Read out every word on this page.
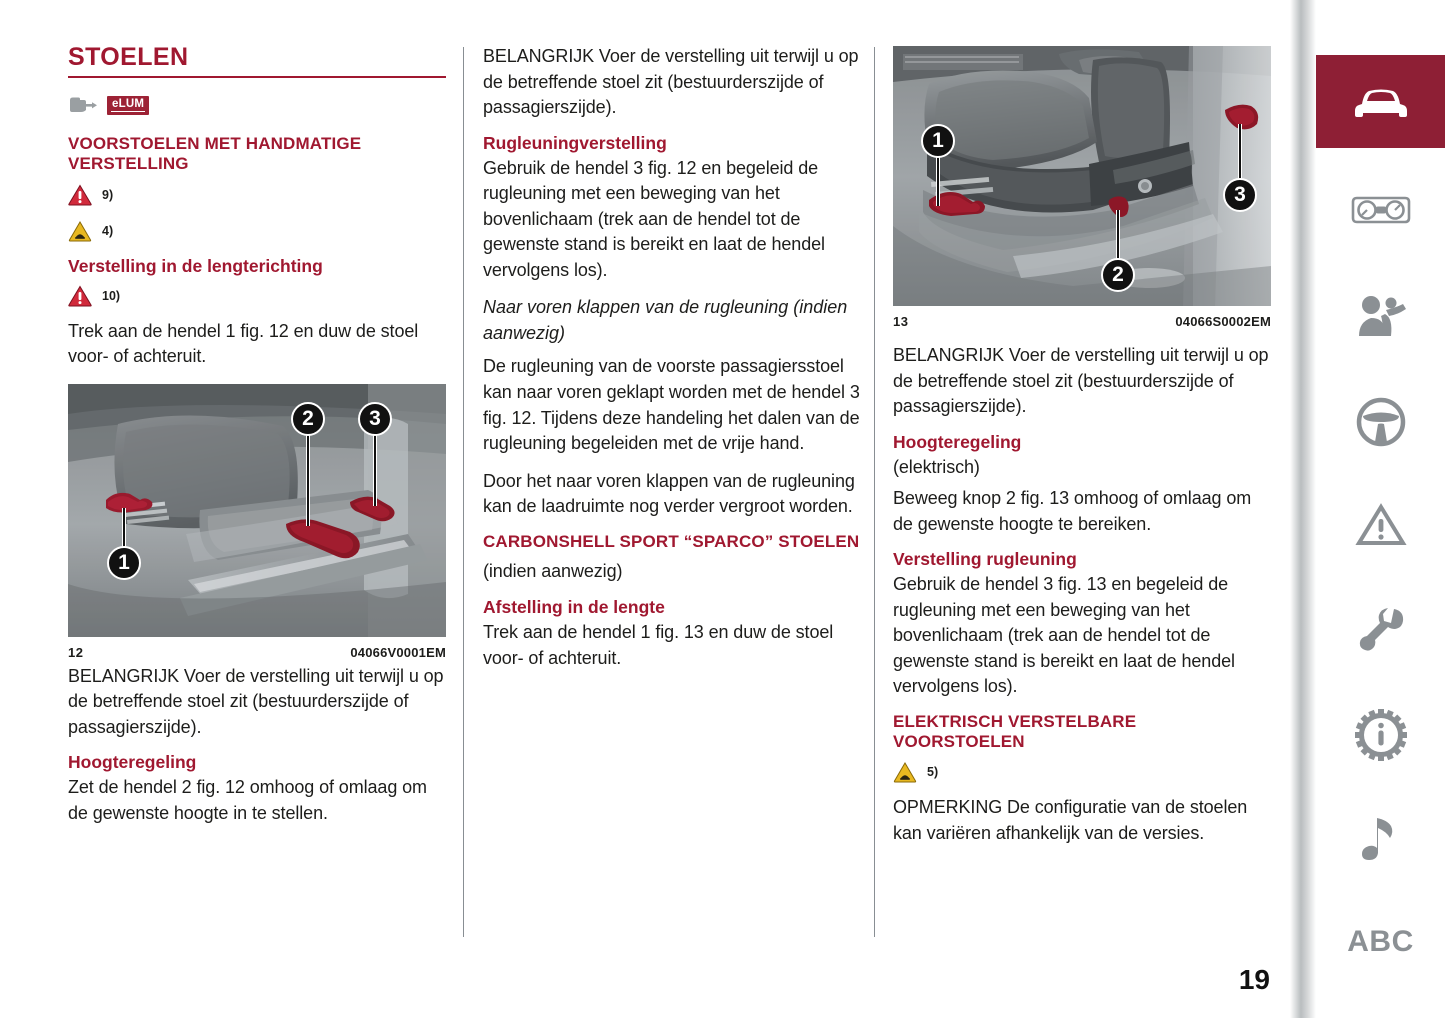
STOELEN
eLUM
VOORSTOELEN MET HANDMATIGE VERSTELLING
9)
4)
Verstelling in de lengterichting
10)

Trek aan de hendel 1 fig. 12 en duw de stoel voor- of achteruit.

1
2	3
12	04066V0001EM

BELANGRIJK Voer de verstelling uit terwijl u op de betreffende stoel zit (bestuurderszijde of passagierszijde).

Hoogteregeling

Zet de hendel 2 fig. 12 omhoog of omlaag om de gewenste hoogte in te stellen.

BELANGRIJK Voer de verstelling uit terwijl u op de betreffende stoel zit (bestuurderszijde of passagierszijde).

Rugleuningverstelling

Gebruik de hendel 3 fig. 12 en begeleid de rugleuning met een beweging van het bovenlichaam (trek aan de hendel tot de gewenste stand is bereikt en laat de hendel vervolgens los).

Naar voren klappen van de rugleuning (indien aanwezig)

De rugleuning van de voorste passagiersstoel kan naar voren geklapt worden met de hendel 3 fig. 12. Tijdens deze handeling het dalen van de rugleuning begeleiden met de vrije hand.

Door het naar voren klappen van de rugleuning kan de laadruimte nog verder vergroot worden.

CARBONSHELL SPORT “SPARCO” STOELEN

(indien aanwezig)

Afstelling in de lengte

Trek aan de hendel 1 fig. 13 en duw de stoel voor- of achteruit.

1
2
3
13	04066S0002EM

BELANGRIJK Voer de verstelling uit terwijl u op de betreffende stoel zit (bestuurderszijde of passagierszijde).

Hoogteregeling

(elektrisch)

Beweeg knop 2 fig. 13 omhoog of omlaag om de gewenste hoogte te bereiken.

Verstelling rugleuning

Gebruik de hendel 3 fig. 13 en begeleid de rugleuning met een beweging van het bovenlichaam (trek aan de hendel tot de gewenste stand is bereikt en laat de hendel vervolgens los).

ELEKTRISCH VERSTELBARE VOORSTOELEN
5)

OPMERKING De configuratie van de stoelen kan variëren afhankelijk van de versies.

ABC
19
